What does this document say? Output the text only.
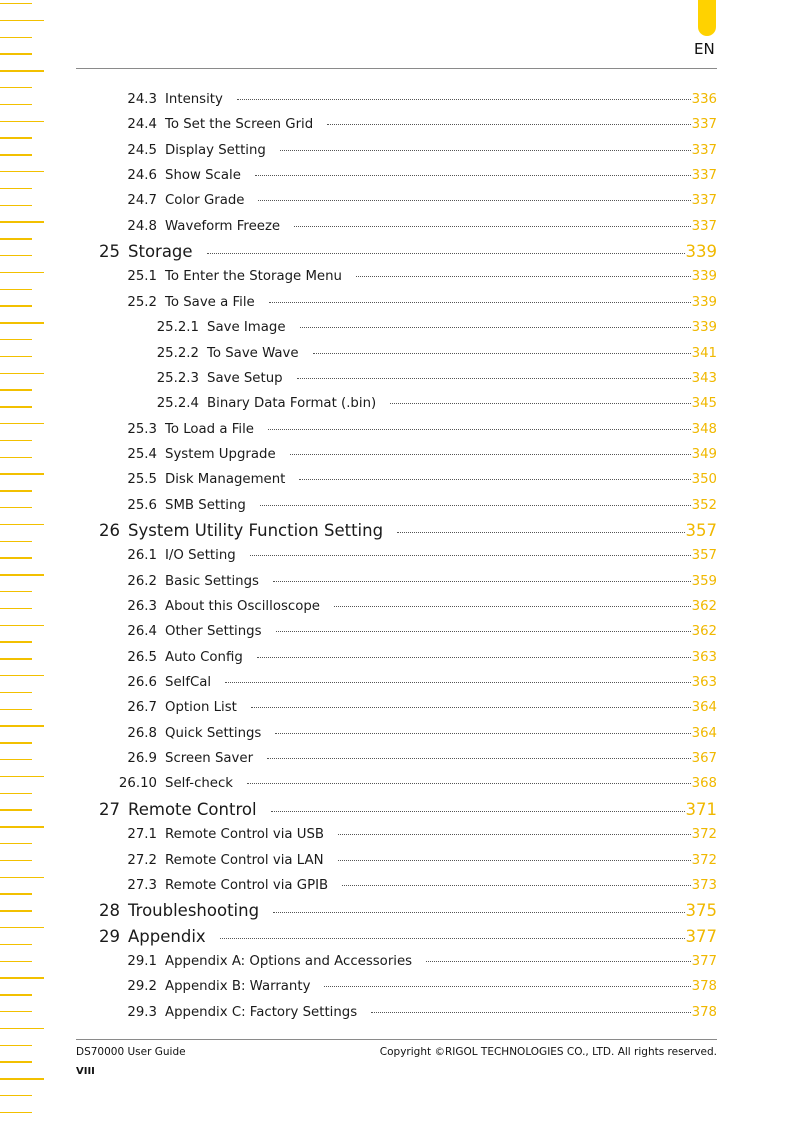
EN
24.3 Intensity	336
24.4 To Set the Screen Grid	337
24.5 Display Setting	337
24.6 Show Scale	337
24.7 Color Grade	337
24.8 Waveform Freeze	337
25 Storage	339
25.1 To Enter the Storage Menu	339
25.2 To Save a File	339
25.2.1 Save Image	339
25.2.2 To Save Wave	341
25.2.3 Save Setup	343
25.2.4 Binary Data Format (.bin)	345
25.3 To Load a File	348
25.4 System Upgrade	349
25.5 Disk Management	350
25.6 SMB Setting	352
26 System Utility Function Setting	357
26.1 I/O Setting	357
26.2 Basic Settings	359
26.3 About this Oscilloscope	362
26.4 Other Settings	362
26.5 Auto Config	363
26.6 SelfCal	363
26.7 Option List	364
26.8 Quick Settings	364
26.9 Screen Saver	367
26.10 Self-check	368
27 Remote Control	371
27.1 Remote Control via USB	372
27.2 Remote Control via LAN	372
27.3 Remote Control via GPIB	373
28 Troubleshooting	375
29 Appendix	377
29.1 Appendix A: Options and Accessories	377
29.2 Appendix B: Warranty	378
29.3 Appendix C: Factory Settings	378
DS70000 User Guide	Copyright ©RIGOL TECHNOLOGIES CO., LTD. All rights reserved.
VIII
